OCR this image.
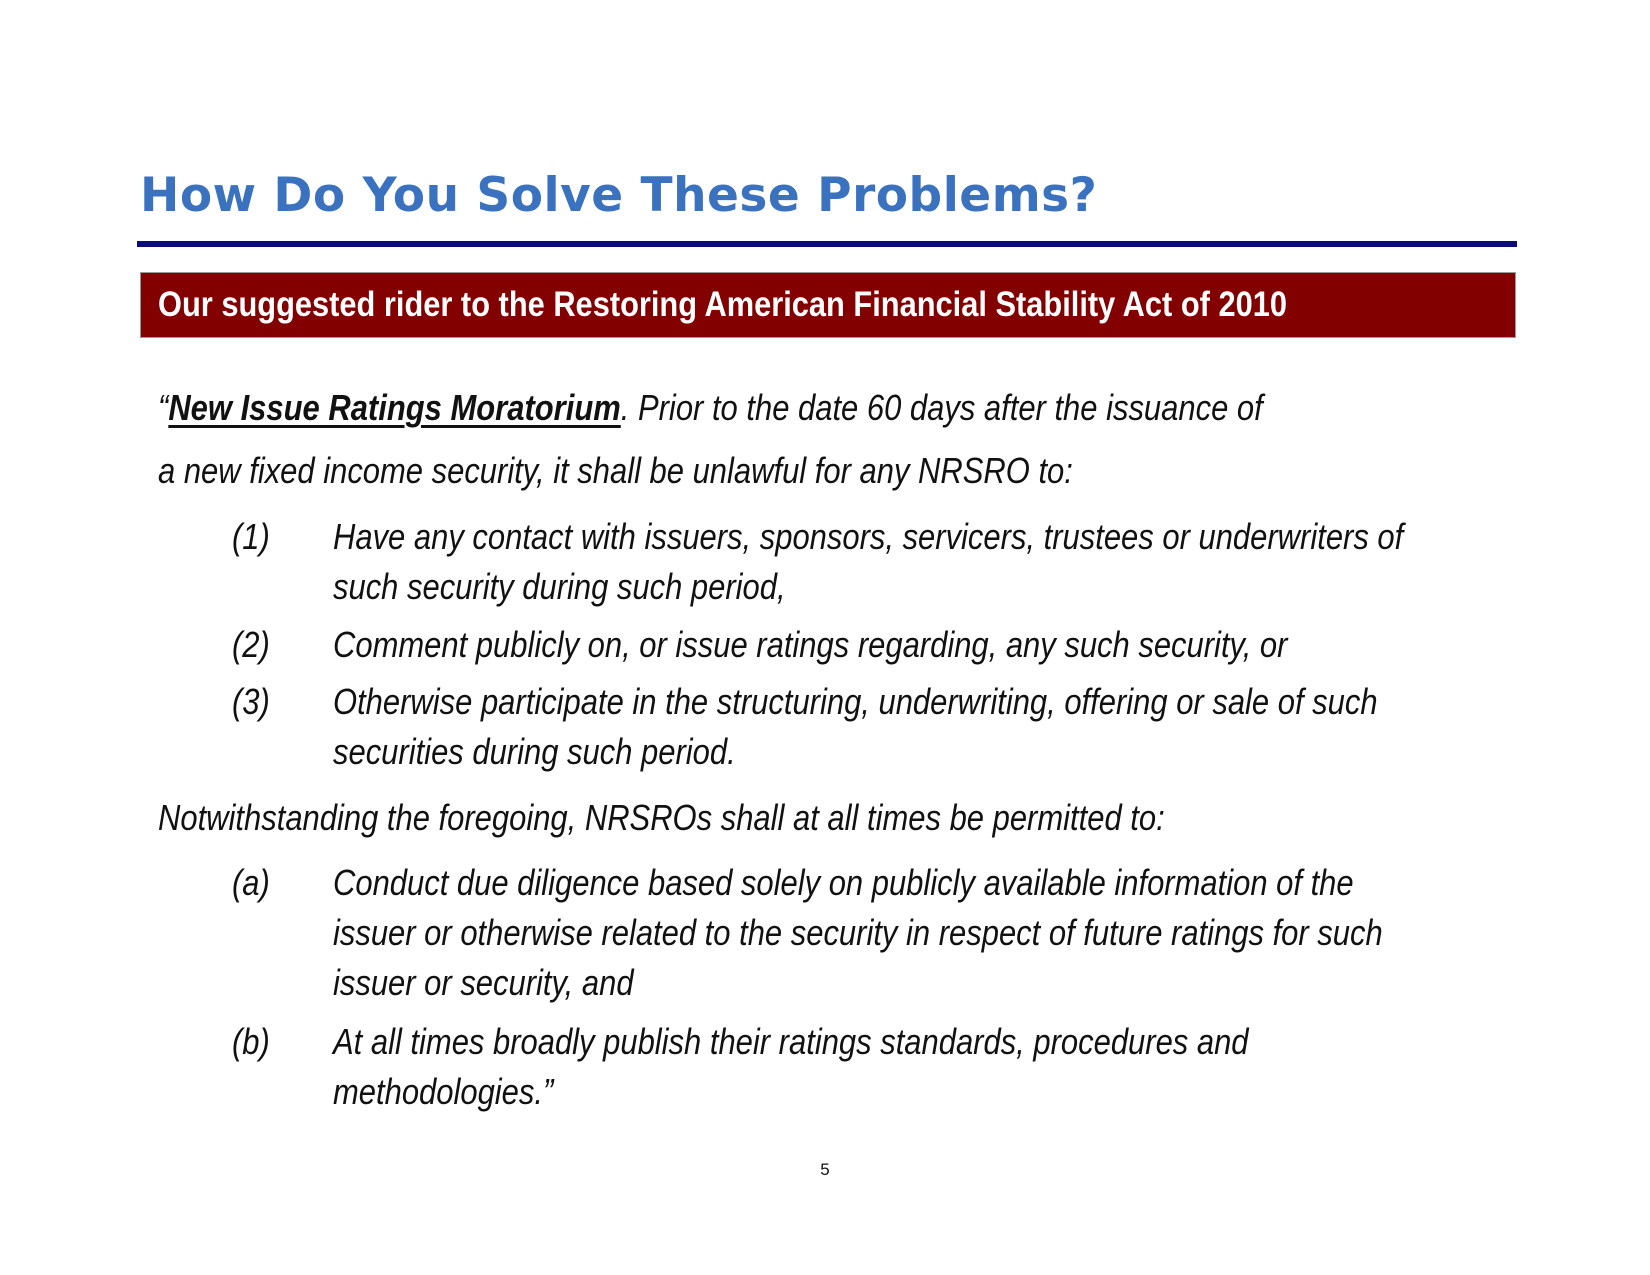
How Do You Solve These Problems?
Our suggested rider to the Restoring American Financial Stability Act of 2010
“New Issue Ratings Moratorium. Prior to the date 60 days after the issuance of
a new fixed income security, it shall be unlawful for any NRSRO to:
(1) Have any contact with issuers, sponsors, servicers, trustees or underwriters of such security during such period,
(2) Comment publicly on, or issue ratings regarding, any such security, or
(3) Otherwise participate in the structuring, underwriting, offering or sale of such securities during such period.
Notwithstanding the foregoing, NRSROs shall at all times be permitted to:
(a) Conduct due diligence based solely on publicly available information of the issuer or otherwise related to the security in respect of future ratings for such issuer or security, and
(b) At all times broadly publish their ratings standards, procedures and methodologies.”
5
